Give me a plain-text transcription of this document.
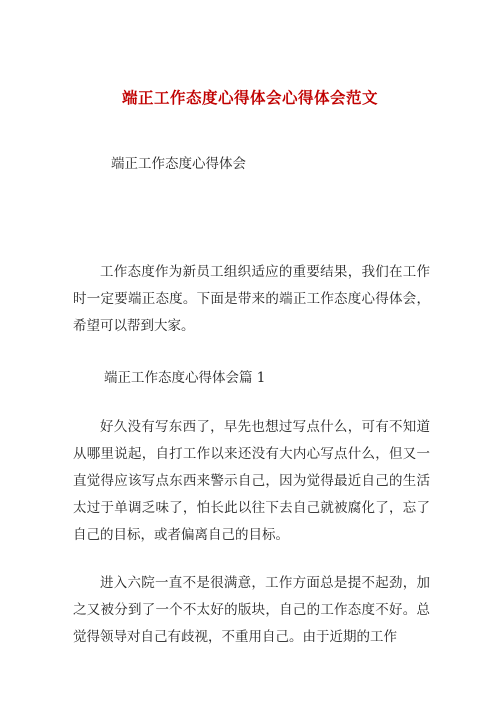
端正工作态度心得体会心得体会范文
端正工作态度心得体会

工作态度作为新员工组织适应的重要结果，我们在工作时一定要端正态度。下面是带来的端正工作态度心得体会，希望可以帮到大家。

端正工作态度心得体会篇 1

好久没有写东西了，早先也想过写点什么，可有不知道从哪里说起，自打工作以来还没有大内心写点什么，但又一直觉得应该写点东西来警示自己，因为觉得最近自己的生活太过于单调乏味了，怕长此以往下去自己就被腐化了，忘了自己的目标，或者偏离自己的目标。

进入六院一直不是很满意，工作方面总是提不起劲，加之又被分到了一个不太好的版块，自己的工作态度不好。总觉得领导对自己有歧视，不重用自己。由于近期的工作
